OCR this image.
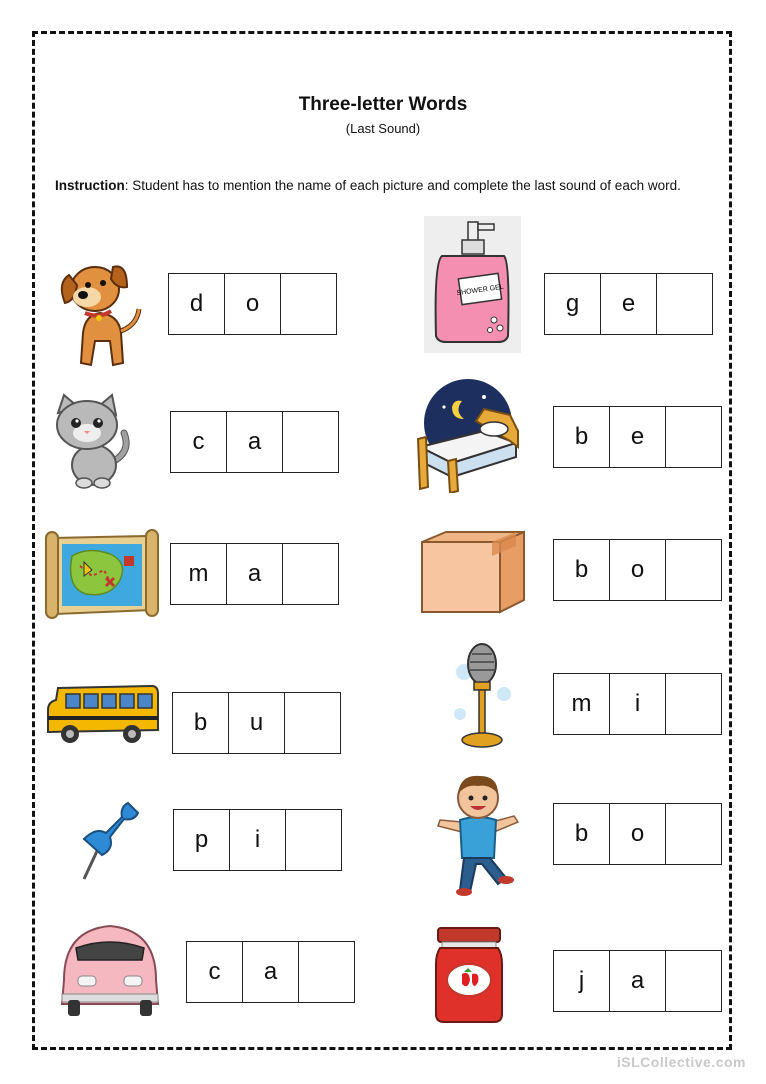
Three-letter Words
(Last Sound)
Instruction: Student has to mention the name of each picture and complete the last sound of each word.
d	o
c	a
m	a
b	u
p	i
c	a
SHOWER GEL	g	e
b	e
b	o
m	i
b	o
j	a
iSLCollective.com
